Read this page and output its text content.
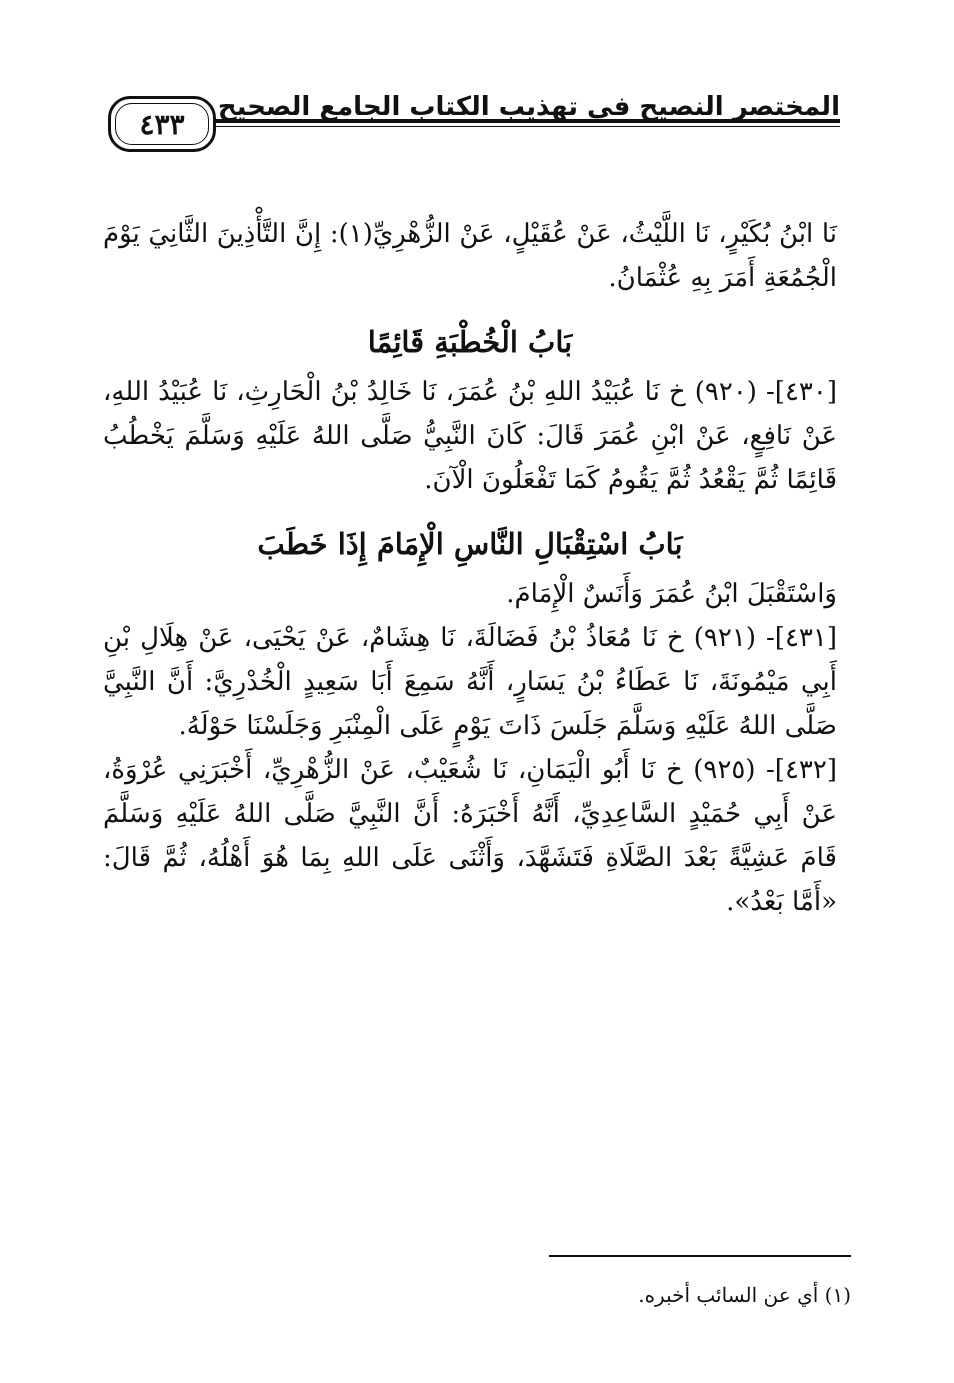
٤٣٣
المختصر النصيح في تهذيب الكتاب الجامع الصحيح

نَا ابْنُ بُكَيْرٍ، نَا اللَّيْثُ، عَنْ عُقَيْلٍ، عَنْ الزُّهْرِيِّ(١): إِنَّ التَّأْذِينَ الثَّانِيَ يَوْمَ الْجُمُعَةِ أَمَرَ بِهِ عُثْمَانُ.

بَابُ الْخُطْبَةِ قَائِمًا

[٤٣٠]- (٩٢٠) خ نَا عُبَيْدُ اللهِ بْنُ عُمَرَ، نَا خَالِدُ بْنُ الْحَارِثِ، نَا عُبَيْدُ اللهِ، عَنْ نَافِعٍ، عَنْ ابْنِ عُمَرَ قَالَ: كَانَ النَّبِيُّ صَلَّى اللهُ عَلَيْهِ وَسَلَّمَ يَخْطُبُ قَائِمًا ثُمَّ يَقْعُدُ ثُمَّ يَقُومُ كَمَا تَفْعَلُونَ الْآنَ.

بَابُ اسْتِقْبَالِ النَّاسِ الْإِمَامَ إِذَا خَطَبَ

وَاسْتَقْبَلَ ابْنُ عُمَرَ وَأَنَسٌ الْإِمَامَ.

[٤٣١]- (٩٢١) خ نَا مُعَاذُ بْنُ فَضَالَةَ، نَا هِشَامٌ، عَنْ يَحْيَى، عَنْ هِلَالِ بْنِ أَبِي مَيْمُونَةَ، نَا عَطَاءُ بْنُ يَسَارٍ، أَنَّهُ سَمِعَ أَبَا سَعِيدٍ الْخُدْرِيَّ: أَنَّ النَّبِيَّ صَلَّى اللهُ عَلَيْهِ وَسَلَّمَ جَلَسَ ذَاتَ يَوْمٍ عَلَى الْمِنْبَرِ وَجَلَسْنَا حَوْلَهُ.

[٤٣٢]- (٩٢٥) خ نَا أَبُو الْيَمَانِ، نَا شُعَيْبٌ، عَنْ الزُّهْرِيِّ، أَخْبَرَنِي عُرْوَةُ، عَنْ أَبِي حُمَيْدٍ السَّاعِدِيِّ، أَنَّهُ أَخْبَرَهُ: أَنَّ النَّبِيَّ صَلَّى اللهُ عَلَيْهِ وَسَلَّمَ قَامَ عَشِيَّةً بَعْدَ الصَّلَاةِ فَتَشَهَّدَ، وَأَثْنَى عَلَى اللهِ بِمَا هُوَ أَهْلُهُ، ثُمَّ قَالَ: «أَمَّا بَعْدُ».

(١) أي عن السائب أخبره.
